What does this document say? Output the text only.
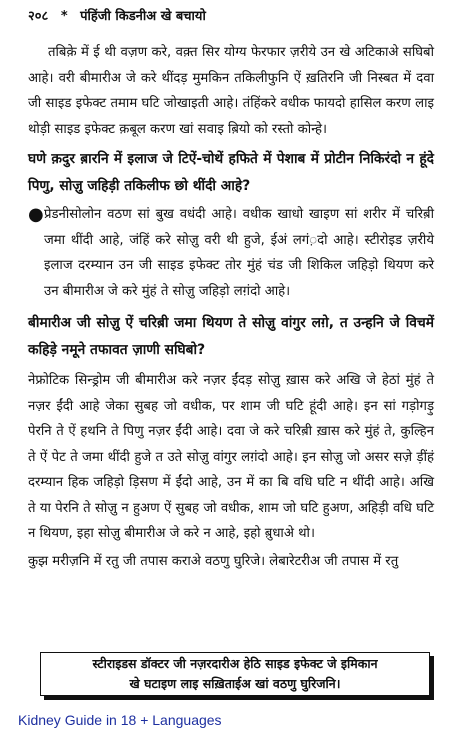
२०८ * पंहिंजी किडनीअ खे बचायो

तबिक़े में ई थी वज़ण करे, वक़्त सिर योग्य फेरफार ज़रीये उन खे अटिकाअे सघिबो आहे। वरी बीमारीअ जे करे थींदड़ मुमकिन तकिलीफुनि ऐं ख़तिरनि जी निस्बत में दवा जी साइड इफेक्ट तमाम घटि जोखाइती आहे। तंहिंकरे वधीक फायदो हासिल करण लाइ थोड़ी साइड इफेक्ट क़बूल करण खां सवाइ ब़ियो को रस्तो कोन्हे।

घणे क़दुर ब़ारनि में इलाज जे टिऐं-चोथें हफिते में पेशाब में प्रोटीन निकिरंदो न हूंदे पिणु, सोजु़ जहिड़ी तकिलीफ छो थींदी आहे?

● प्रेडनीसोलोन वठण सां बुख वधंदी आहे। वधीक खाधो खाइण सां शरीर में चरिब़ी जमा थींदी आहे, जंहिं करे सोजु़ वरी थी हुजे, ईअं लगं़दो आहे। स्टीरोइड ज़रीये इलाज दरम्यान उन जी साइड इफेक्ट तोर मुंहं चंड जी शिकिल जहिड़ो थियण करे उन बीमारीअ जे करे मुंहं ते सोजु़ जहिड़ो लग़ंदो आहे।

बीमारीअ जी सोजु़ ऐं चरिब़ी जमा थियण ते सोजु़ वांगुर लग़े, त उन्हनि जे विचमें कहिड़े नमूने तफावत ज़ाणी सघिबो?

नेफ्रोटिक सिन्ड्रोम जी बीमारीअ करे नज़र ईंदड़ सोजु़ ख़ास करे अखि जे हेठां मुंहं ते नज़र ईंदी आहे जेका सुबह जो वधीक, पर शाम जी घटि हूंदी आहे। इन सां गड़ोगड़ु पेरनि ते ऐं हथनि ते पिणु नज़र ईंदी आहे। दवा जे करे चरिब़ी ख़ास करे मुंहं ते, कुल्हिन ते ऐं पेट ते जमा थींदी हुजे त उते सोजु़ वांगुर लग़ंदो आहे। इन सोजु़ जो असर सजे़ ड़ींहं दरम्यान हिक जहिड़ो ड़िसण में ईंदो आहे, उन में का बि वधि घटि न थींदी आहे। अखि ते या पेरनि ते सोजु़ न हुअण ऐं सुबह जो वधीक, शाम जो घटि हुअण, अहिड़ी वधि घटि न थियण, इहा सोजु़ बीमारीअ जे करे न आहे, इहो ब़ुधाअे थो।

कुझ मरीज़नि में रतु जी तपास कराअे वठणु घुरिजे। लेबारेटरीअ जी तपास में रतु

स्टीराइडस डॉक्टर जी नज़रदारीअ हेठि साइड इफेक्ट जे इमिकान
खे घटाइण लाइ सख़िताईअ खां वठणु घुरिजनि।
Kidney Guide in 18 + Languages
